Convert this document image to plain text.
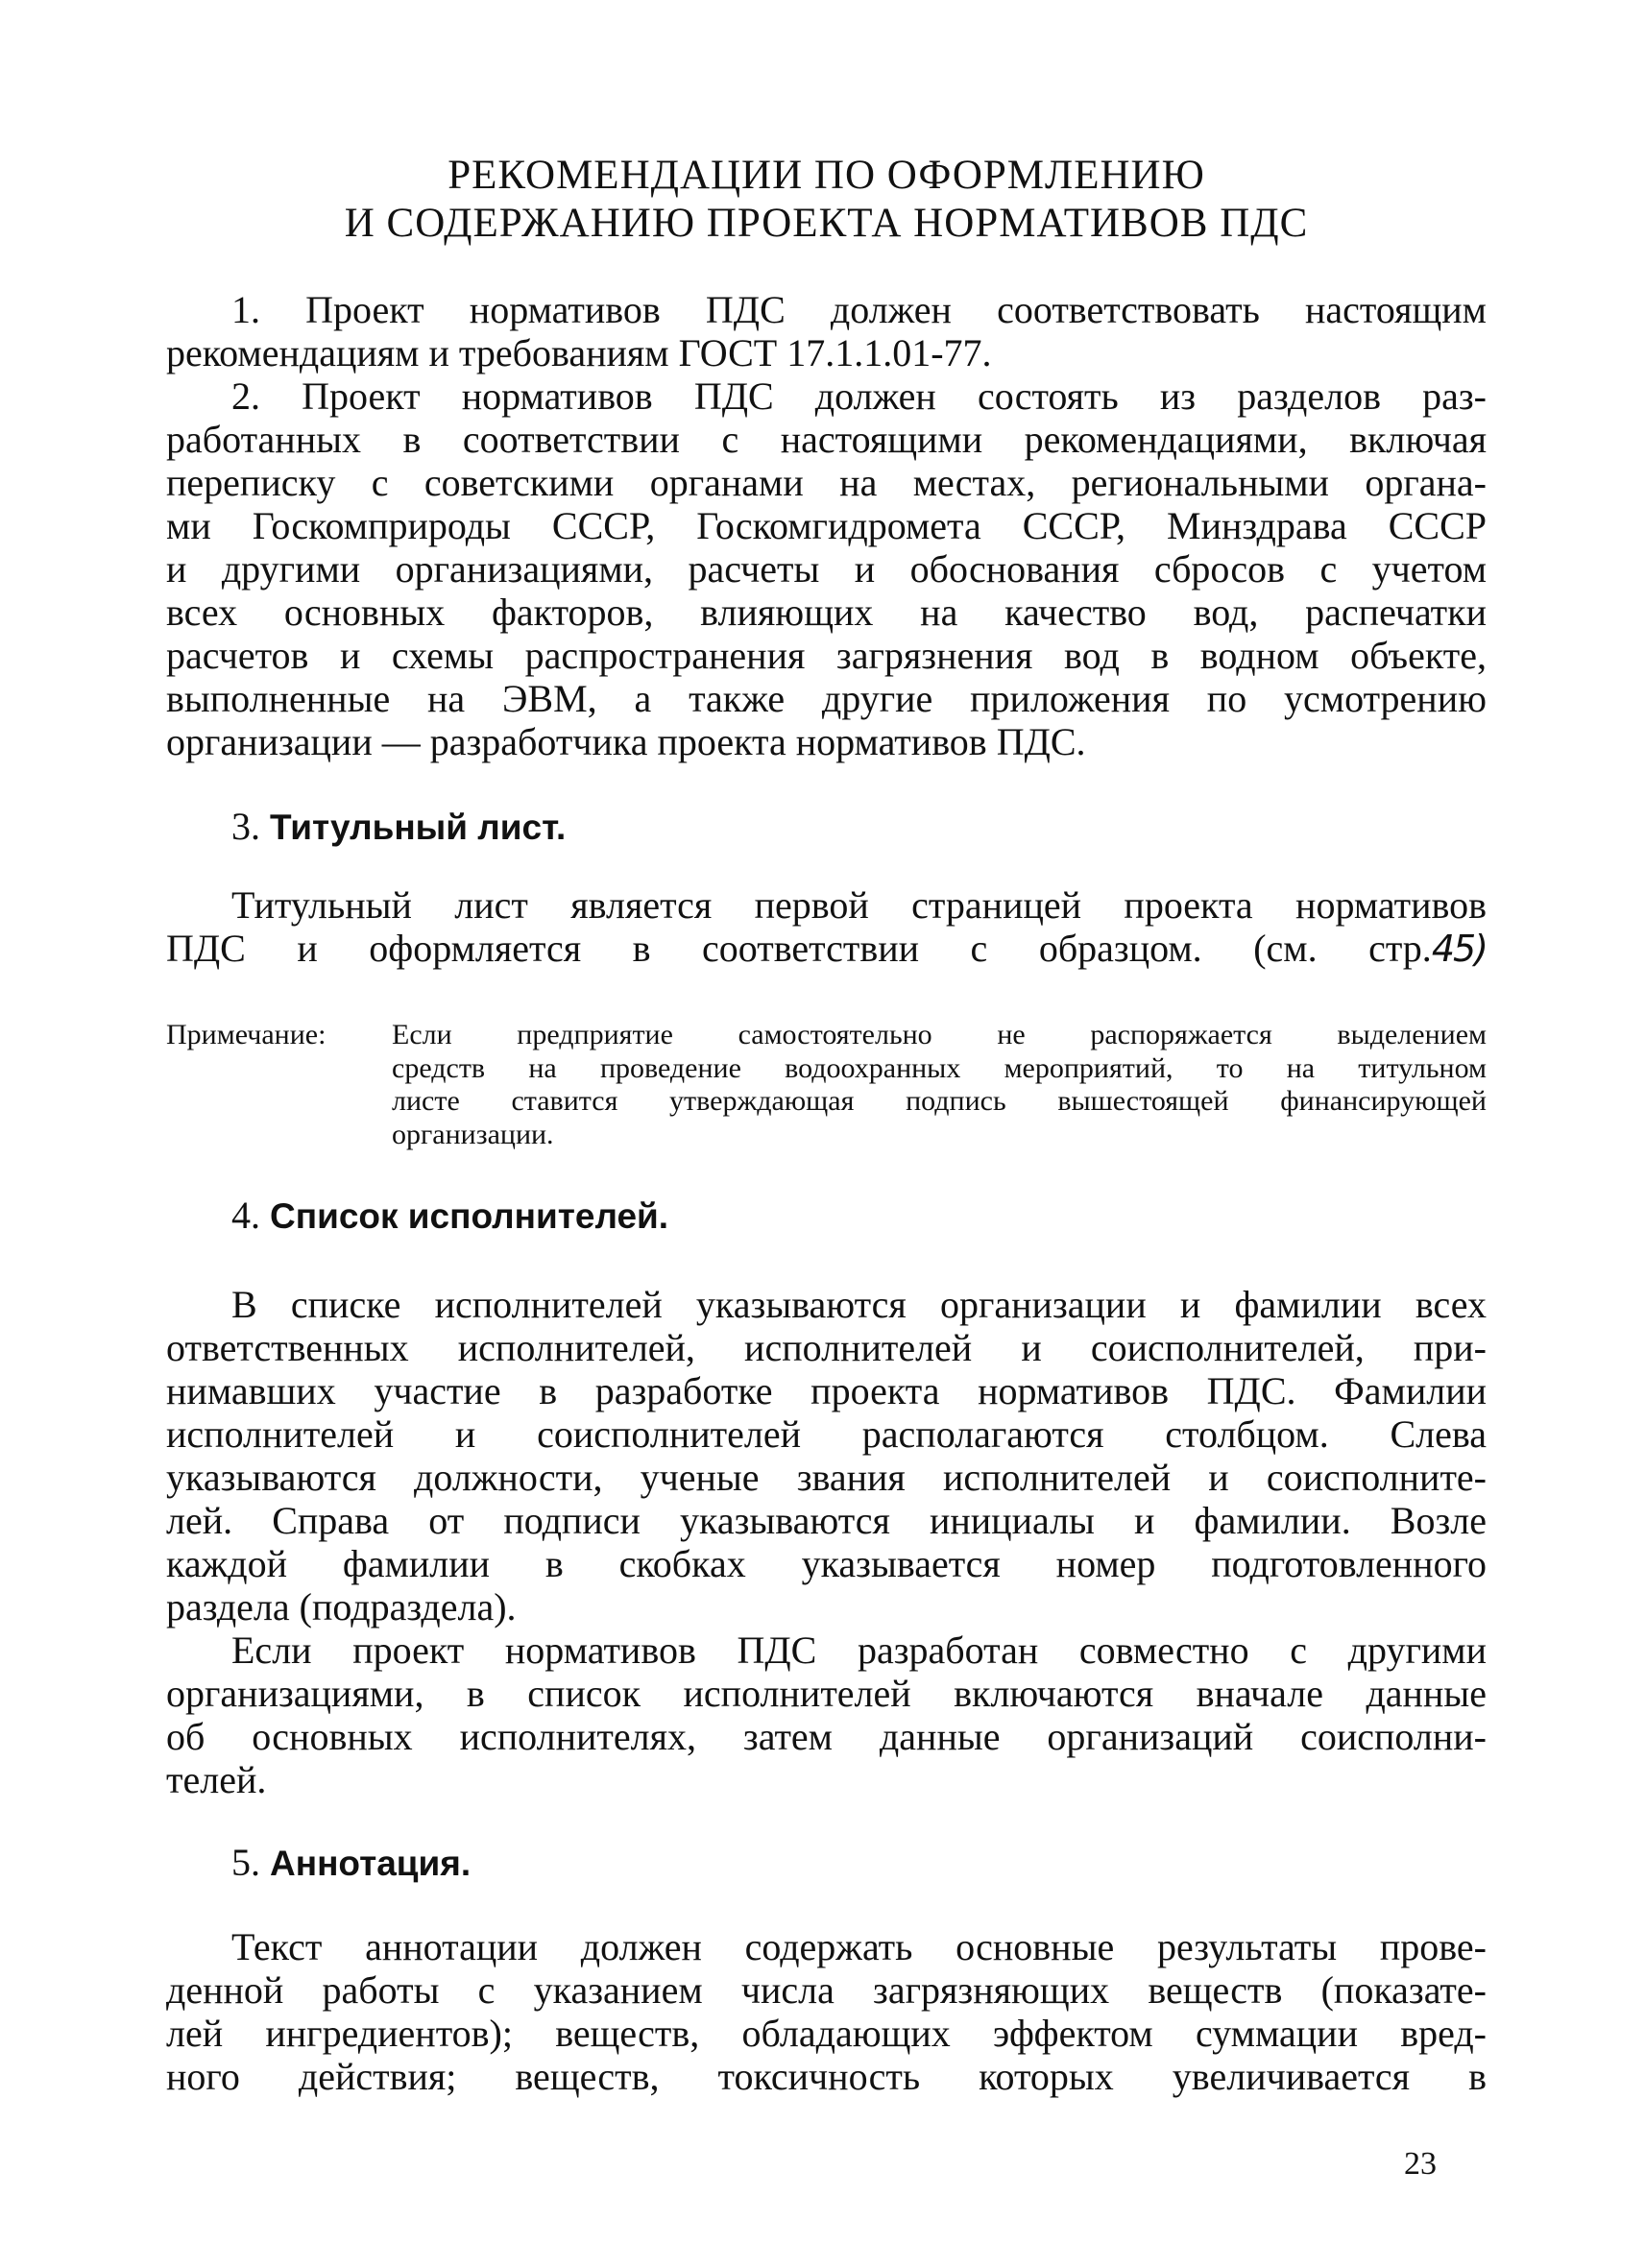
РЕКОМЕНДАЦИИ ПО ОФОРМЛЕНИЮ
И СОДЕРЖАНИЮ ПРОЕКТА НОРМАТИВОВ ПДС
1. Проект нормативов ПДС должен соответствовать настоящим
рекомендациям и требованиям ГОСТ 17.1.1.01-77.
2. Проект нормативов ПДС должен состоять из разделов раз-
работанных в соответствии с настоящими рекомендациями, включая
переписку с советскими органами на местах, региональными органа-
ми Госкомприроды СССР, Госкомгидромета СССР, Минздрава СССР
и другими организациями, расчеты и обоснования сбросов с учетом
всех основных факторов, влияющих на качество вод, распечатки
расчетов и схемы распространения загрязнения вод в водном объекте,
выполненные на ЭВМ, а также другие приложения по усмотрению
организации — разработчика проекта нормативов ПДС.
3. Титульный лист.
Титульный лист является первой страницей проекта нормативов
ПДС и оформляется в соответствии с образцом. (см. стр.45)
Примечание: Если предприятие самостоятельно не распоряжается выделением
средств на проведение водоохранных мероприятий, то на титульном
листе ставится утверждающая подпись вышестоящей финансирующей
организации.
4. Список исполнителей.
В списке исполнителей указываются организации и фамилии всех
ответственных исполнителей, исполнителей и соисполнителей, при-
нимавших участие в разработке проекта нормативов ПДС. Фамилии
исполнителей и соисполнителей располагаются столбцом. Слева
указываются должности, ученые звания исполнителей и соисполните-
лей. Справа от подписи указываются инициалы и фамилии. Возле
каждой фамилии в скобках указывается номер подготовленного
раздела (подраздела).
Если проект нормативов ПДС разработан совместно с другими
организациями, в список исполнителей включаются вначале данные
об основных исполнителях, затем данные организаций соисполни-
телей.
5. Аннотация.
Текст аннотации должен содержать основные результаты прове-
денной работы с указанием числа загрязняющих веществ (показате-
лей ингредиентов); веществ, обладающих эффектом суммации вред-
ного действия; веществ, токсичность которых увеличивается в
23
